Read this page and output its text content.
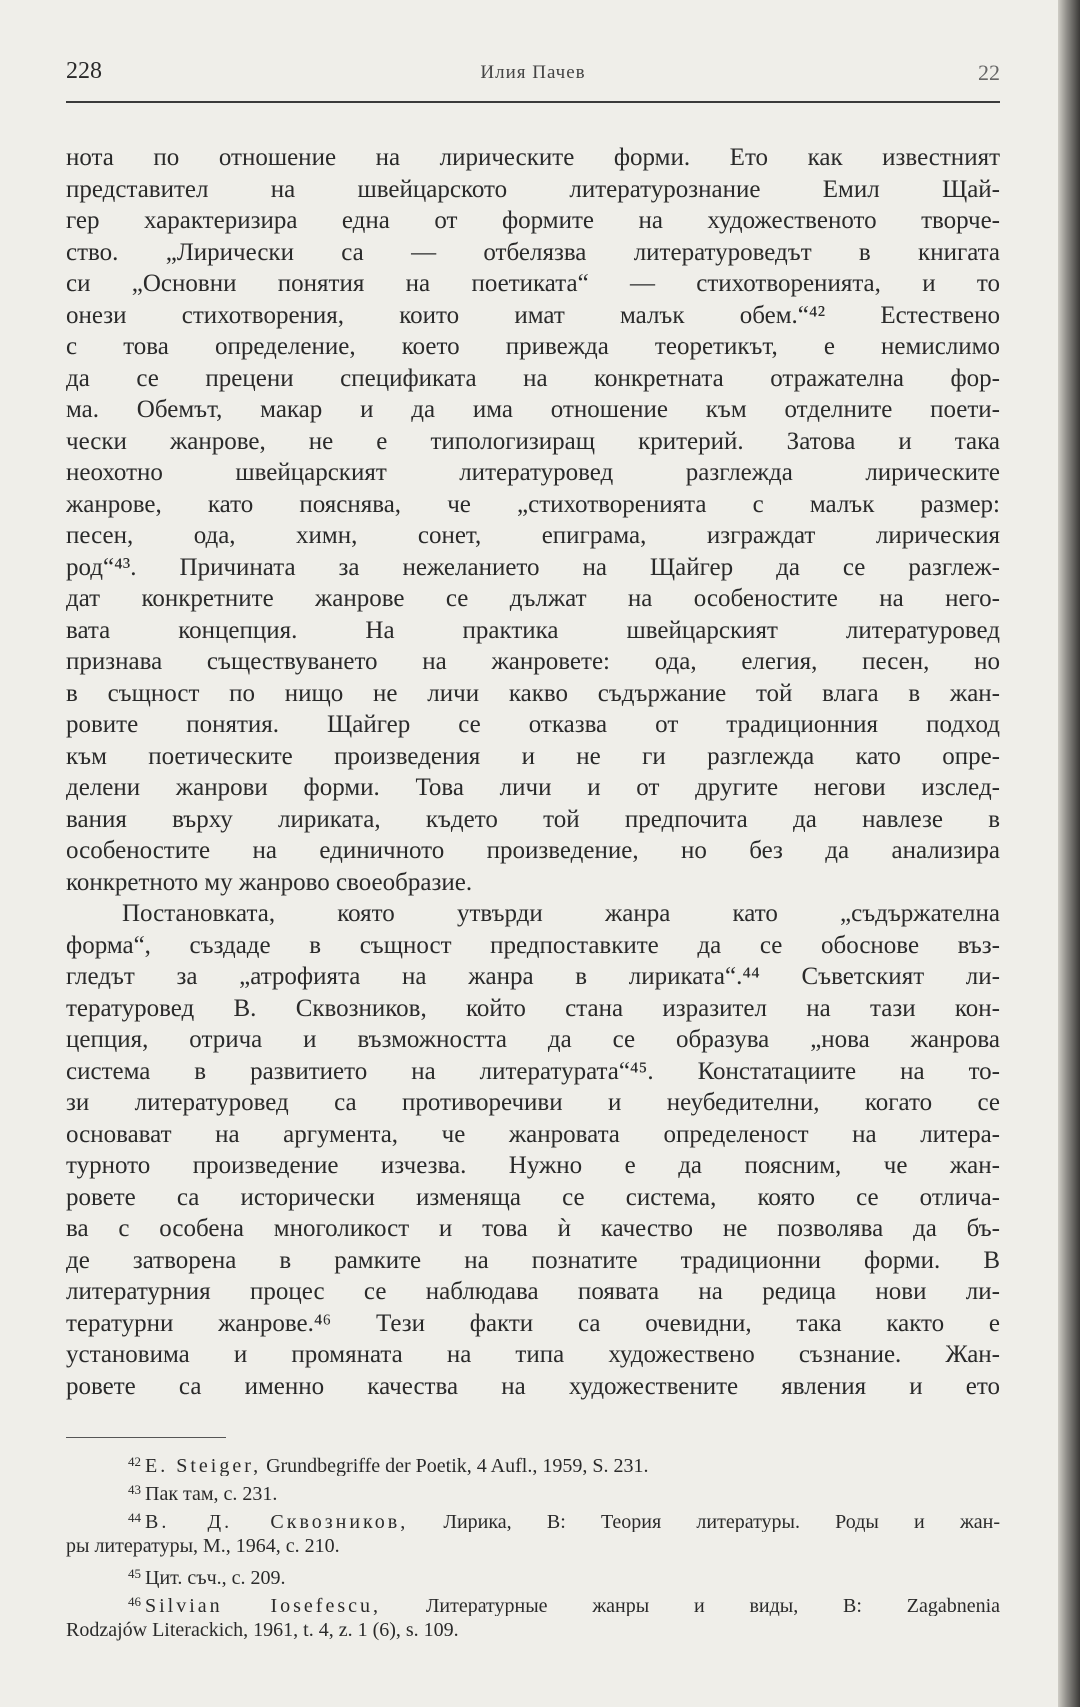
228	Илия Пачев	22
нота по отношение на лирическите форми. Ето как известният
представител на швейцарското литературознание Емил Щай-
гер характеризира една от формите на художественото творче-
ство. „Лирически са — отбелязва литературоведът в книгата
си „Основни понятия на поетиката“ — стихотворенията, и то
онези стихотворения, които имат малък обем.“⁴² Естествено
с това определение, което привежда теоретикът, е немислимо
да се прецени спецификата на конкретната отражателна фор-
ма. Обемът, макар и да има отношение към отделните поети-
чески жанрове, не е типологизиращ критерий. Затова и така
неохотно швейцарският литературовед разглежда лирическите
жанрове, като пояснява, че „стихотворенията с малък размер:
песен, ода, химн, сонет, епиграма, изграждат лирическия
род“⁴³. Причината за нежеланието на Щайгер да се разглеж-
дат конкретните жанрове се дължат на особеностите на него-
вата концепция. На практика швейцарският литературовед
признава съществуването на жанровете: ода, елегия, песен, но
в същност по нищо не личи какво съдържание той влага в жан-
ровите понятия. Щайгер се отказва от традиционния подход
към поетическите произведения и не ги разглежда като опре-
делени жанрови форми. Това личи и от другите негови изслед-
вания върху лириката, където той предпочита да навлезе в
особеностите на единичното произведение, но без да анализира
конкретното му жанрово своеобразие.
Постановката, която утвърди жанра като „съдържателна
форма“, създаде в същност предпоставките да се обоснове въз-
гледът за „атрофията на жанра в лириката“.⁴⁴ Съветският ли-
тературовед В. Сквозников, който стана изразител на тази кон-
цепция, отрича и възможността да се образува „нова жанрова
система в развитието на литературата“⁴⁵. Констатациите на то-
зи литературовед са противоречиви и неубедителни, когато се
основават на аргумента, че жанровата определеност на литера-
турното произведение изчезва. Нужно е да поясним, че жан-
ровете са исторически изменяща се система, която се отлича-
ва с особена многоликост и това ѝ качество не позволява да бъ-
де затворена в рамките на познатите традиционни форми. В
литературния процес се наблюдава появата на редица нови ли-
тературни жанрове.⁴⁶ Тези факти са очевидни, така както е
установима и промяната на типа художествено съзнание. Жан-
ровете са именно качества на художествените явления и ето
$^{42}$ E. Steiger, Grundbegriffe der Poetik, 4 Aufl., 1959, S. 231.
$^{43}$ Пак там, с. 231.
$^{44}$ В. Д. Сквозников, Лирика, В: Теория литературы. Роды и жан-
ры литературы, М., 1964, с. 210.
$^{45}$ Цит. съч., с. 209.
$^{46}$ Silvian Iosefescu, Литературные жанры и виды, В: Zagabnenia
Rodzajów Literackich, 1961, t. 4, z. 1 (6), s. 109.
